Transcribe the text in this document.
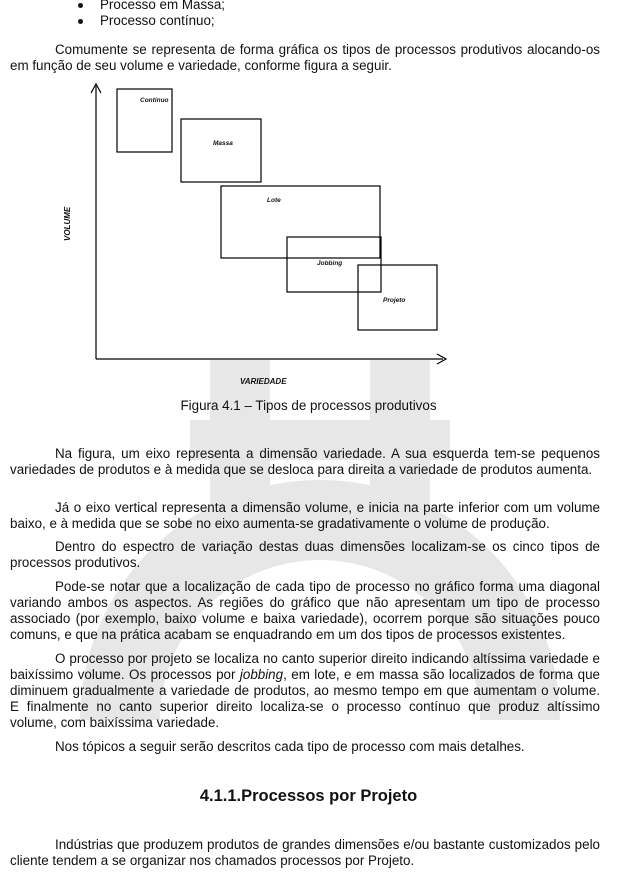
Processo em Massa;
Processo contínuo;

Comumente se representa de forma gráfica os tipos de processos produtivos alocando-os em função de seu volume e variedade, conforme figura a seguir.

VOLUME
VARIEDADE
Contínuo
Massa
Lote
Jobbing
Projeto
Figura 4.1 – Tipos de processos produtivos

Na figura, um eixo representa a dimensão variedade. A sua esquerda tem-se pequenos variedades de produtos e à medida que se desloca para direita a variedade de produtos aumenta.

Já o eixo vertical representa a dimensão volume, e inicia na parte inferior com um volume baixo, e à medida que se sobe no eixo aumenta-se gradativamente o volume de produção.

Dentro do espectro de variação destas duas dimensões localizam-se os cinco tipos de processos produtivos.

Pode-se notar que a localização de cada tipo de processo no gráfico forma uma diagonal variando ambos os aspectos. As regiões do gráfico que não apresentam um tipo de processo associado (por exemplo, baixo volume e baixa variedade), ocorrem porque são situações pouco comuns, e que na prática acabam se enquadrando em um dos tipos de processos existentes.

O processo por projeto se localiza no canto superior direito indicando altíssima variedade e baixíssimo volume. Os processos por jobbing, em lote, e em massa são localizados de forma que diminuem gradualmente a variedade de produtos, ao mesmo tempo em que aumentam o volume. E finalmente no canto superior direito localiza-se o processo contínuo que produz altíssimo volume, com baixíssima variedade.

Nos tópicos a seguir serão descritos cada tipo de processo com mais detalhes.

4.1.1.Processos por Projeto

Indústrias que produzem produtos de grandes dimensões e/ou bastante customizados pelo cliente tendem a se organizar nos chamados processos por Projeto.
